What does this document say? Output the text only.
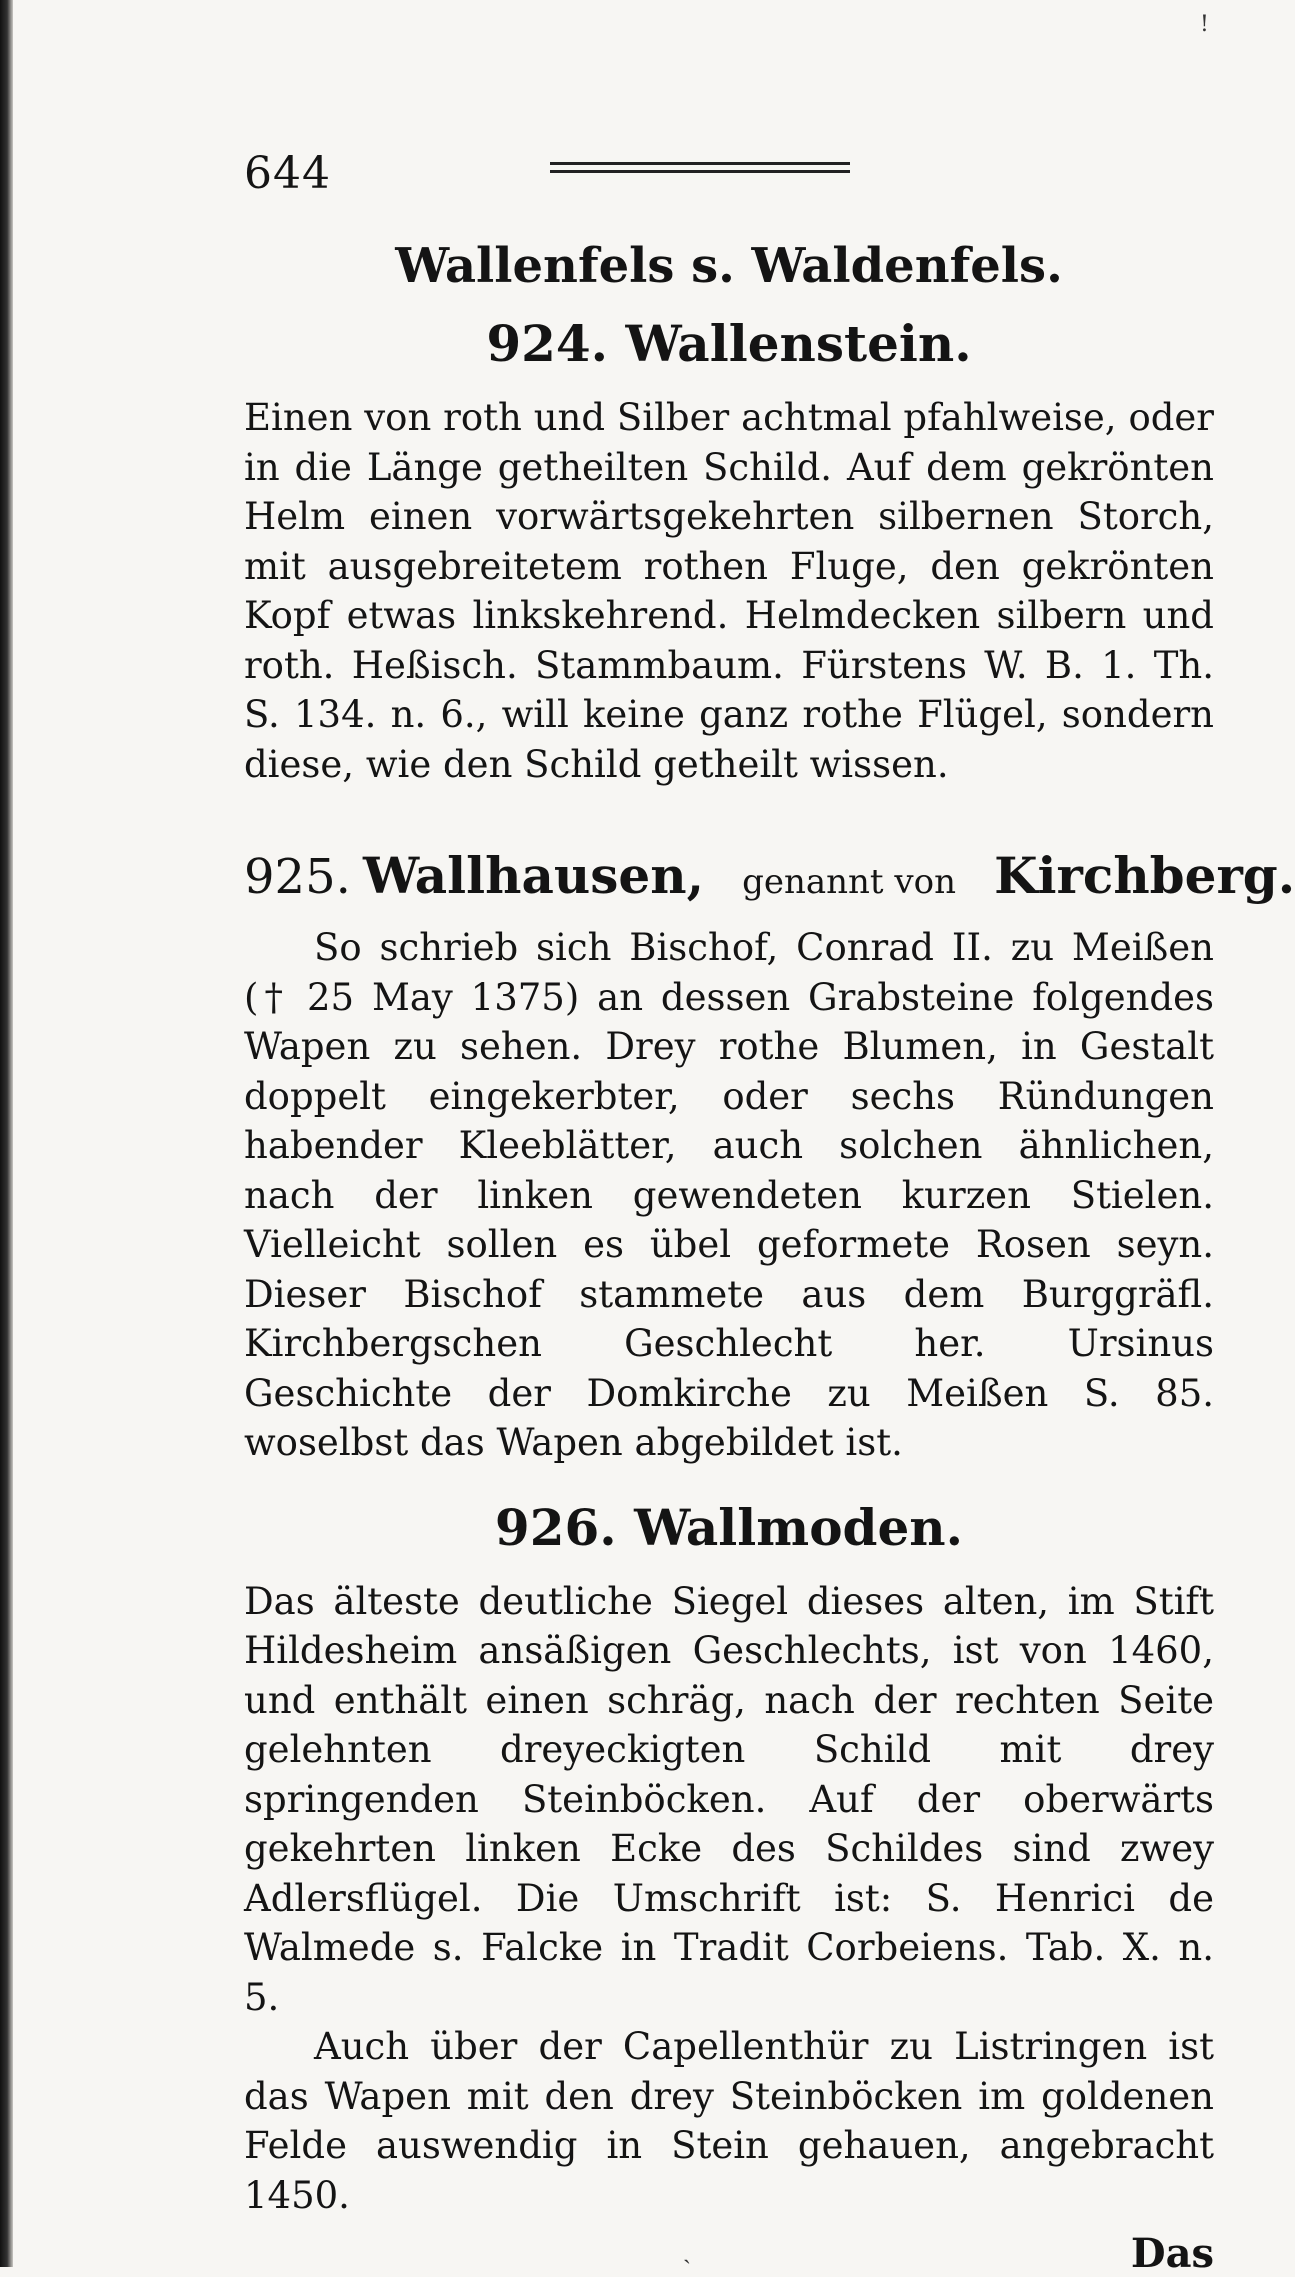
!
644
Wallenfels s. Waldenfels.
924. Wallenstein.

Einen von roth und Silber achtmal pfahlweise, oder in die Länge getheilten Schild. Auf dem gekrönten Helm einen vorwärtsgekehrten silbernen Storch, mit ausgebreitetem rothen Fluge, den gekrönten Kopf etwas linkskehrend. Helmdecken silbern und roth. Heßisch. Stammbaum. Fürstens W. B. 1. Th. S. 134. n. 6., will keine ganz rothe Flügel, sondern diese, wie den Schild getheilt wissen.

925. Wallhausen, genannt von Kirchberg.

So schrieb sich Bischof, Conrad II. zu Meißen († 25 May 1375) an dessen Grabsteine folgendes Wapen zu sehen. Drey rothe Blumen, in Gestalt doppelt eingekerbter, oder sechs Ründungen habender Kleeblätter, auch solchen ähnlichen, nach der linken gewendeten kurzen Stielen. Vielleicht sollen es übel geformete Rosen seyn. Dieser Bischof stammete aus dem Burggräfl. Kirchbergschen Geschlecht her. Ursinus Geschichte der Domkirche zu Meißen S. 85. woselbst das Wapen abgebildet ist.

926. Wallmoden.

Das älteste deutliche Siegel dieses alten, im Stift Hildesheim ansäßigen Geschlechts, ist von 1460, und enthält einen schräg, nach der rechten Seite gelehnten dreyeckigten Schild mit drey springenden Steinböcken. Auf der oberwärts gekehrten linken Ecke des Schildes sind zwey Adlersflügel. Die Umschrift ist: S. Henrici de Walmede s. Falcke in Tradit Corbeiens. Tab. X. n. 5.

Auch über der Capellenthür zu Listringen ist das Wapen mit den drey Steinböcken im goldenen Felde auswendig in Stein gehauen, angebracht 1450.

Das
ˎ
